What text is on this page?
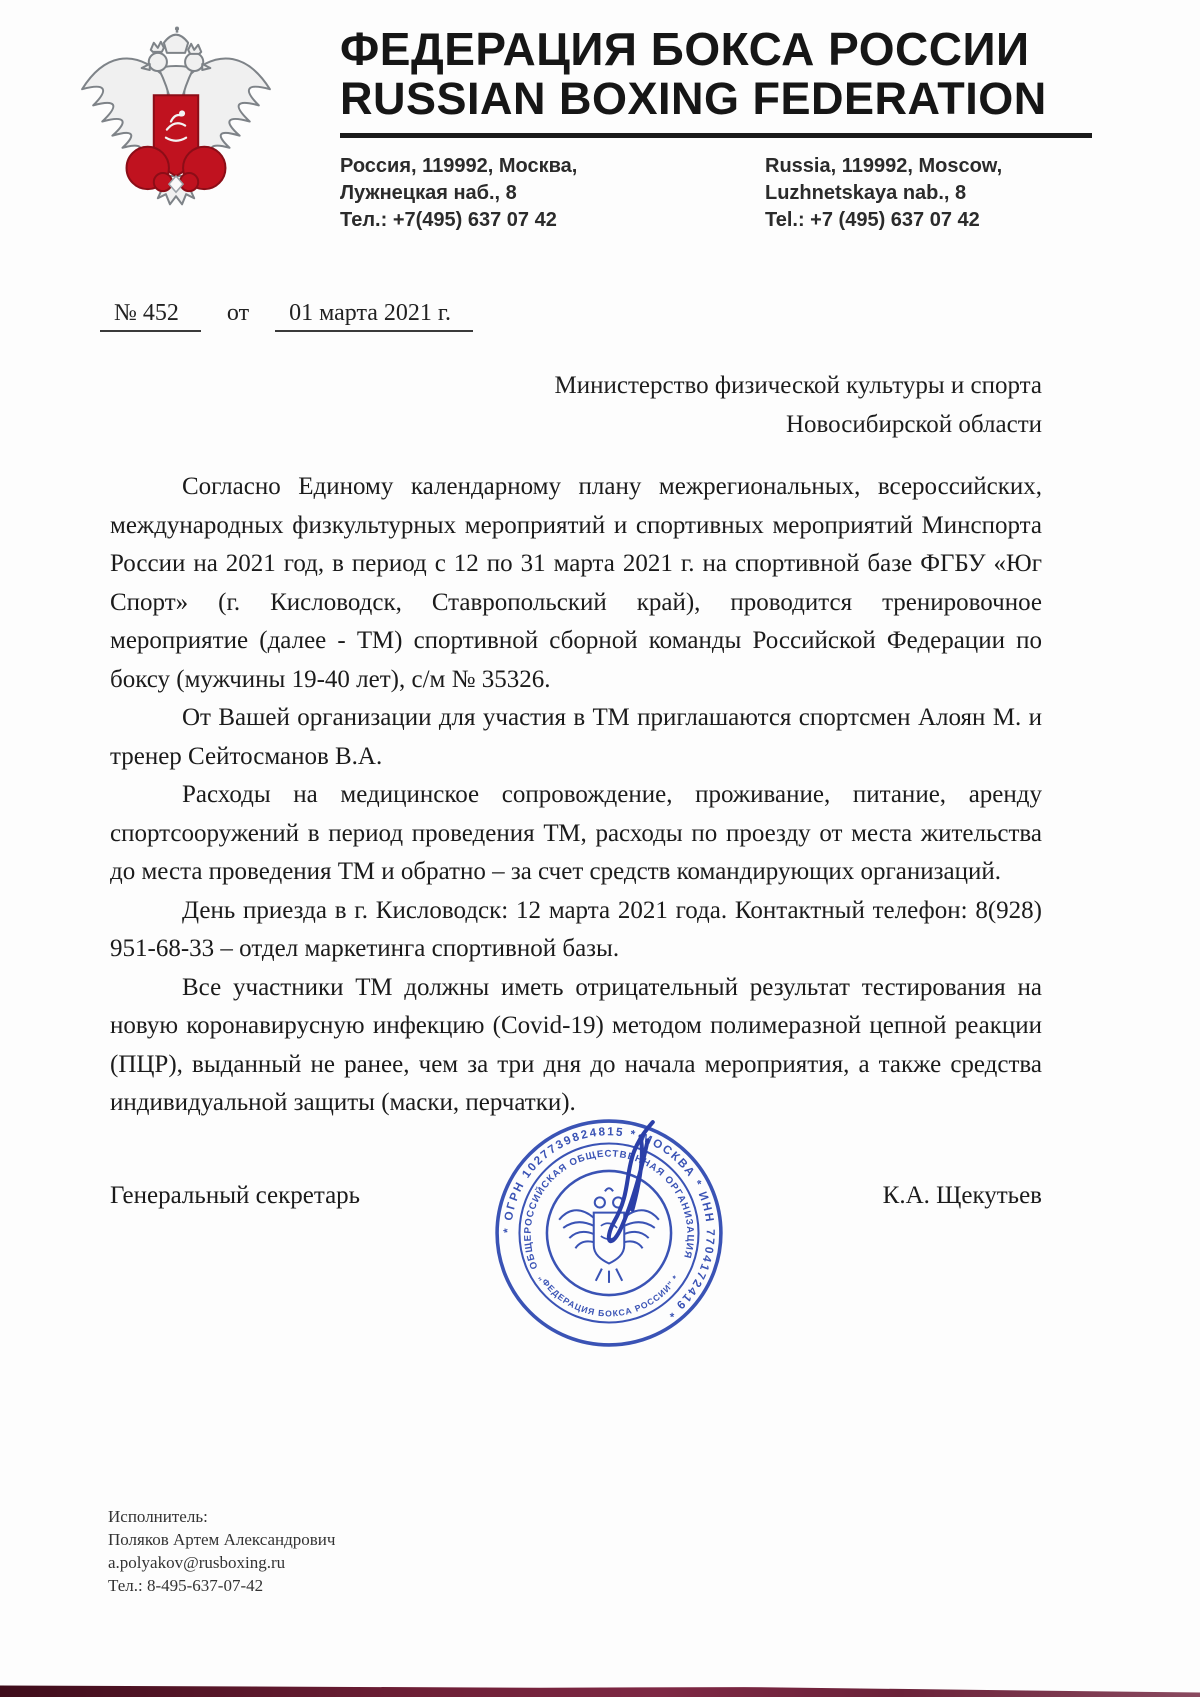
ФЕДЕРАЦИЯ БОКСА РОССИИ
RUSSIAN BOXING FEDERATION
Россия, 119992, Москва,
Лужнецкая наб., 8
Тел.: +7(495) 637 07 42
Russia, 119992, Moscow,
Luzhnetskaya nab., 8
Tel.: +7 (495) 637 07 42
№ 452 от 01 марта 2021 г.
Министерство физической культуры и спорта
Новосибирской области

Согласно Единому календарному плану межрегиональных, всероссийских, международных физкультурных мероприятий и спортивных мероприятий Минспорта России на 2021 год, в период с 12 по 31 марта 2021 г. на спортивной базе ФГБУ «Юг Спорт» (г. Кисловодск, Ставропольский край), проводится тренировочное мероприятие (далее - ТМ) спортивной сборной команды Российской Федерации по боксу (мужчины 19-40 лет), с/м № 35326.

От Вашей организации для участия в ТМ приглашаются спортсмен Алоян М. и тренер Сейтосманов В.А.

Расходы на медицинское сопровождение, проживание, питание, аренду спортсооружений в период проведения ТМ, расходы по проезду от места жительства до места проведения ТМ и обратно – за счет средств командирующих организаций.

День приезда в г. Кисловодск: 12 марта 2021 года. Контактный телефон: 8(928) 951-68-33 – отдел маркетинга спортивной базы.

Все участники ТМ должны иметь отрицательный результат тестирования на новую коронавирусную инфекцию (Covid-19) методом полимеразной цепной реакции (ПЦР), выданный не ранее, чем за три дня до начала мероприятия, а также средства индивидуальной защиты (маски, перчатки).

Генеральный секретарь	К.А. Щекутьев
* ОГРН 1027739824815 * МОСКВА * ИНН 7704172419 *
ОБЩЕРОССИЙСКАЯ ОБЩЕСТВЕННАЯ ОРГАНИЗАЦИЯ
„ФЕДЕРАЦИЯ БОКСА РОССИИ" *
Исполнитель:
Поляков Артем Александрович
a.polyakov@rusboxing.ru
Тел.: 8-495-637-07-42
